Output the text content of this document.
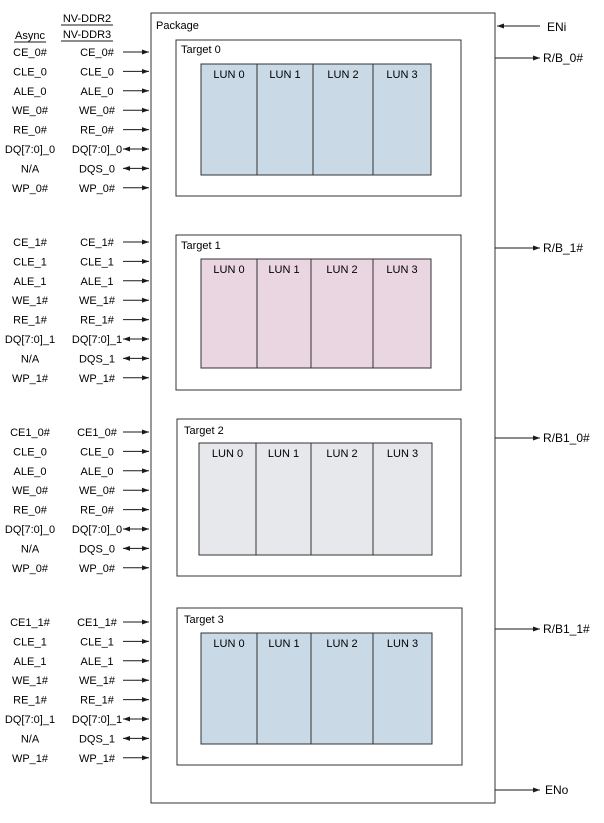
Async
NV-DDR2
NV-DDR3
Package	ENi
ENo
Target 0
LUN 0 LUN 1 LUN 2	LUN 3
R/B_0#
CE_0#	CE_0#
CLE_0	CLE_0
ALE_0	ALE_0
WE_0#	WE_0#
RE_0#	RE_0#
DQ[7:0]_0 DQ[7:0]_0
N/A	DQS_0
WP_0#	WP_0#
Target 1
LUN 0 LUN 1 LUN 2	LUN 3
R/B_1#
CE_1#	CE_1#
CLE_1	CLE_1
ALE_1	ALE_1
WE_1#	WE_1#
RE_1#	RE_1#
DQ[7:0]_1 DQ[7:0]_1
N/A	DQS_1
WP_1#	WP_1#
Target 2
LUN 0 LUN 1 LUN 2	LUN 3
R/B1_0#
CE1_0# CE1_0#
CLE_0	CLE_0
ALE_0	ALE_0
WE_0#	WE_0#
RE_0#	RE_0#
DQ[7:0]_0 DQ[7:0]_0
N/A	DQS_0
WP_0#	WP_0#
Target 3
LUN 0 LUN 1 LUN 2	LUN 3
R/B1_1#
CE1_1# CE1_1#
CLE_1	CLE_1
ALE_1	ALE_1
WE_1#	WE_1#
RE_1#	RE_1#
DQ[7:0]_1 DQ[7:0]_1
N/A	DQS_1
WP_1#	WP_1#
